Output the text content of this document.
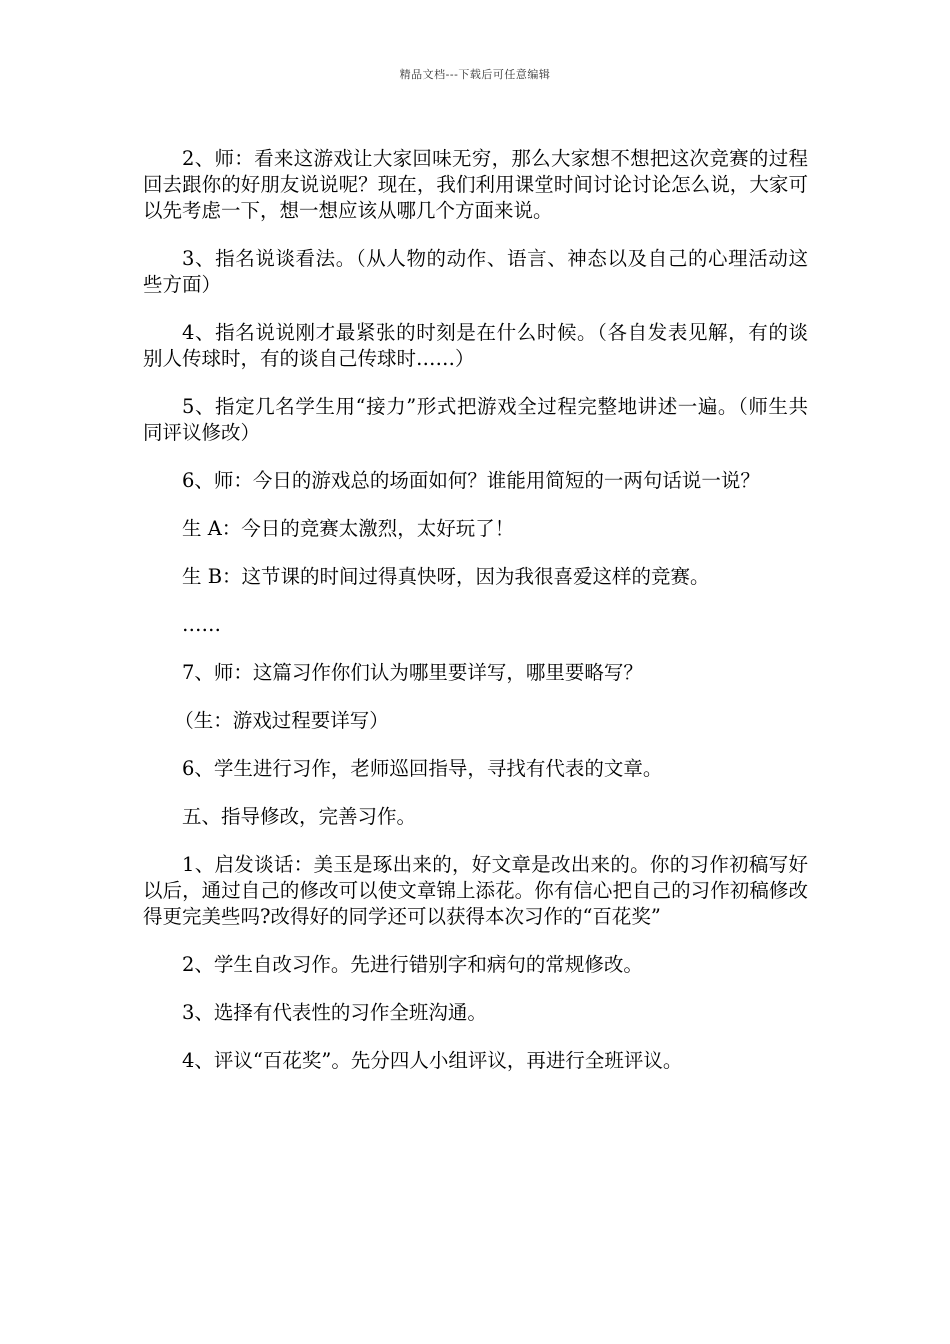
精品文档---下载后可任意编辑

2、师：看来这游戏让大家回味无穷，那么大家想不想把这次竞赛的过程回去跟你的好朋友说说呢？现在，我们利用课堂时间讨论讨论怎么说，大家可以先考虑一下，想一想应该从哪几个方面来说。

3、指名说谈看法。（从人物的动作、语言、神态以及自己的心理活动这些方面）

4、指名说说刚才最紧张的时刻是在什么时候。（各自发表见解，有的谈别人传球时，有的谈自己传球时……）

5、指定几名学生用“接力”形式把游戏全过程完整地讲述一遍。（师生共同评议修改）

6、师：今日的游戏总的场面如何？谁能用简短的一两句话说一说？

生 A：今日的竞赛太激烈，太好玩了！

生 B：这节课的时间过得真快呀，因为我很喜爱这样的竞赛。

……

7、师：这篇习作你们认为哪里要详写，哪里要略写？

（生：游戏过程要详写）

6、学生进行习作，老师巡回指导，寻找有代表的文章。

五、指导修改，完善习作。

1、启发谈话：美玉是琢出来的，好文章是改出来的。你的习作初稿写好以后，通过自己的修改可以使文章锦上添花。你有信心把自己的习作初稿修改得更完美些吗?改得好的同学还可以获得本次习作的“百花奖”

2、学生自改习作。先进行错别字和病句的常规修改。

3、选择有代表性的习作全班沟通。

4、评议“百花奖”。先分四人小组评议，再进行全班评议。
